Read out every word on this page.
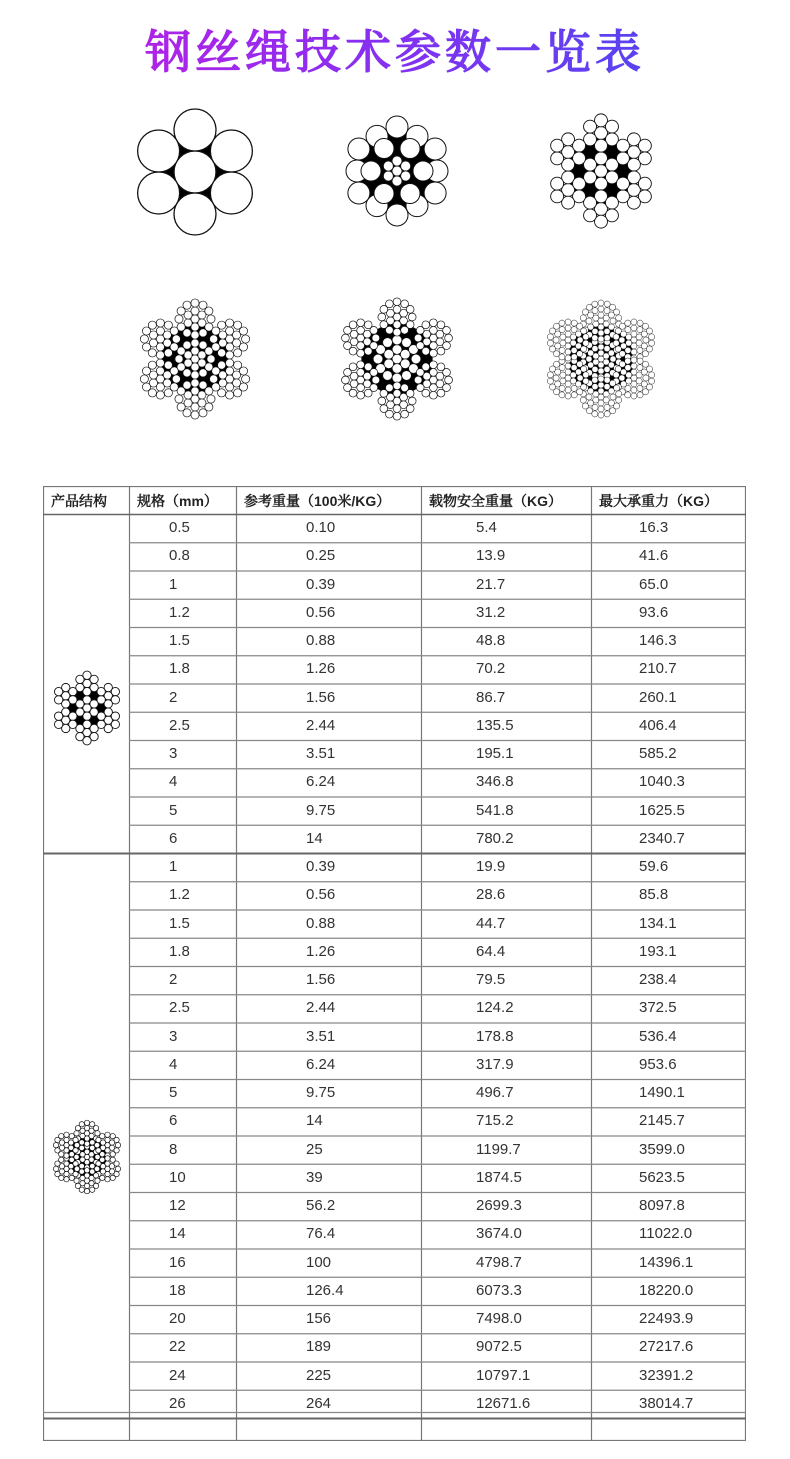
钢丝绳技术参数一览表
产品结构 规格（mm） 参考重量（100米/KG）	载物安全重量（KG）	最大承重力（KG）
0.5	0.10	5.4	16.3
0.8	0.25	13.9	41.6
1	0.39	21.7	65.0
1.2	0.56	31.2	93.6
1.5	0.88	48.8	146.3
1.8	1.26	70.2	210.7
2	1.56	86.7	260.1
2.5	2.44	135.5	406.4
3	3.51	195.1	585.2
4	6.24	346.8	1040.3
5	9.75	541.8	1625.5
6	14	780.2	2340.7
1	0.39	19.9	59.6
1.2	0.56	28.6	85.8
1.5	0.88	44.7	134.1
1.8	1.26	64.4	193.1
2	1.56	79.5	238.4
2.5	2.44	124.2	372.5
3	3.51	178.8	536.4
4	6.24	317.9	953.6
5	9.75	496.7	1490.1
6	14	715.2	2145.7
8	25	1199.7	3599.0
10	39	1874.5	5623.5
12	56.2	2699.3	8097.8
14	76.4	3674.0	11022.0
16	100	4798.7	14396.1
18	126.4	6073.3	18220.0
20	156	7498.0	22493.9
22	189	9072.5	27217.6
24	225	10797.1	32391.2
26	264	12671.6	38014.7
